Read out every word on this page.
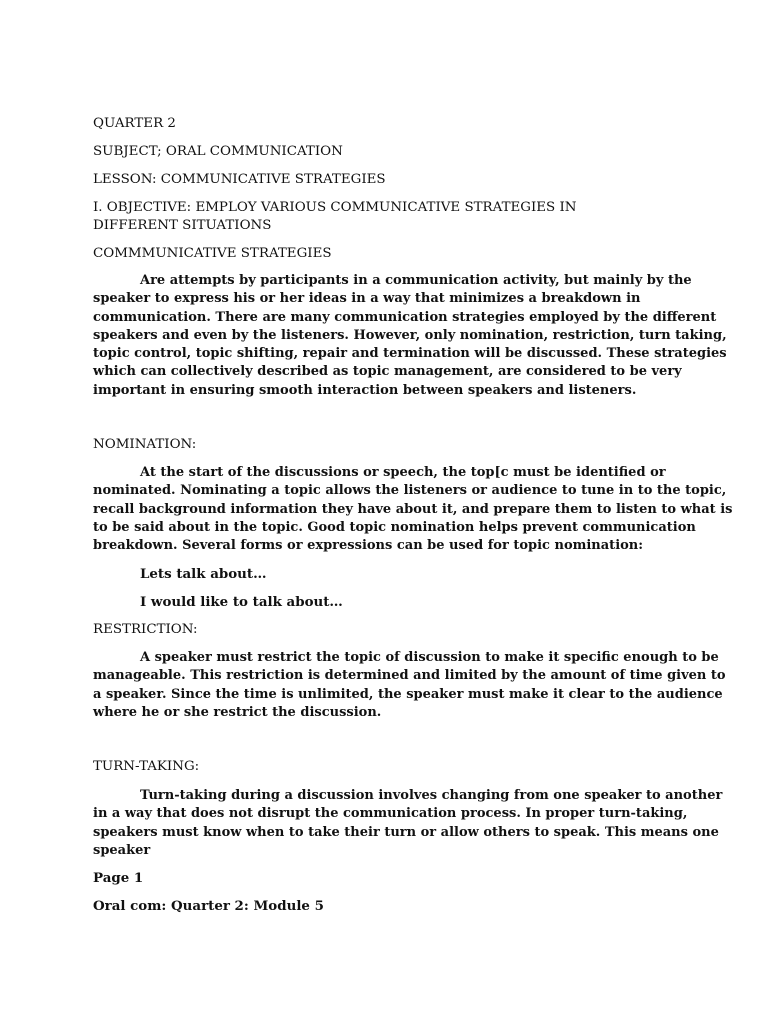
QUARTER 2
SUBJECT; ORAL COMMUNICATION
LESSON: COMMUNICATIVE STRATEGIES
I. OBJECTIVE: EMPLOY VARIOUS COMMUNICATIVE STRATEGIES IN
DIFFERENT SITUATIONS
COMMMUNICATIVE STRATEGIES
Are attempts by participants in a communication activity, but mainly by the
speaker to express his or her ideas in a way that minimizes a breakdown in
communication. There are many communication strategies employed by the different
speakers and even by the listeners. However, only nomination, restriction, turn taking,
topic control, topic shifting, repair and termination will be discussed. These strategies
which can collectively described as topic management, are considered to be very
important in ensuring smooth interaction between speakers and listeners.
NOMINATION:
At the start of the discussions or speech, the top[c must be identified or
nominated. Nominating a topic allows the listeners or audience to tune in to the topic,
recall background information they have about it, and prepare them to listen to what is
to be said about in the topic. Good topic nomination helps prevent communication
breakdown. Several forms or expressions can be used for topic nomination:
Lets talk about…
I would like to talk about…
RESTRICTION:
A speaker must restrict the topic of discussion to make it specific enough to be
manageable. This restriction is determined and limited by the amount of time given to
a speaker. Since the time is unlimited, the speaker must make it clear to the audience
where he or she restrict the discussion.
TURN-TAKING:
Turn-taking during a discussion involves changing from one speaker to another
in a way that does not disrupt the communication process. In proper turn-taking,
speakers must know when to take their turn or allow others to speak. This means one
speaker
Page 1
Oral com: Quarter 2: Module 5
